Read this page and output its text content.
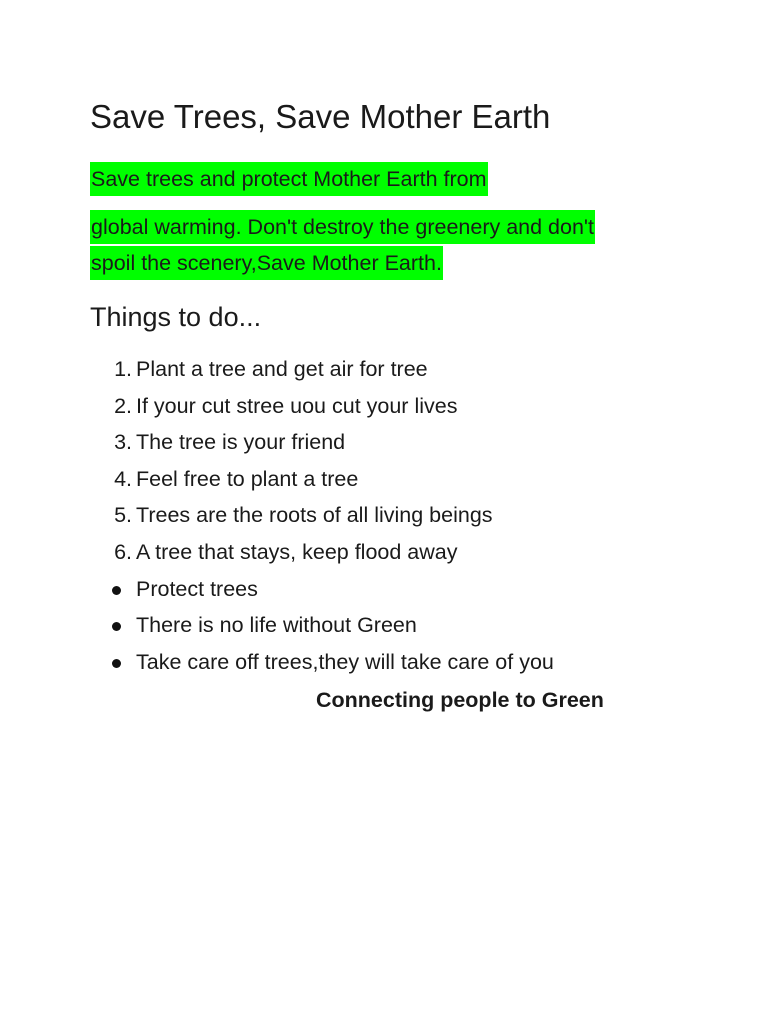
Save Trees, Save Mother Earth
Save trees and protect Mother Earth from
global warming. Don't destroy the greenery and don't
spoil the scenery,Save Mother Earth.
Things to do...
1. Plant a tree and get air for tree
2. If your cut stree uou cut your lives
3. The tree is your friend
4. Feel free to plant a tree
5. Trees are the roots of all living beings
6. A tree that stays, keep flood away
Protect trees
There is no life without Green
Take care off trees,they will take care of you
Connecting people to Green
